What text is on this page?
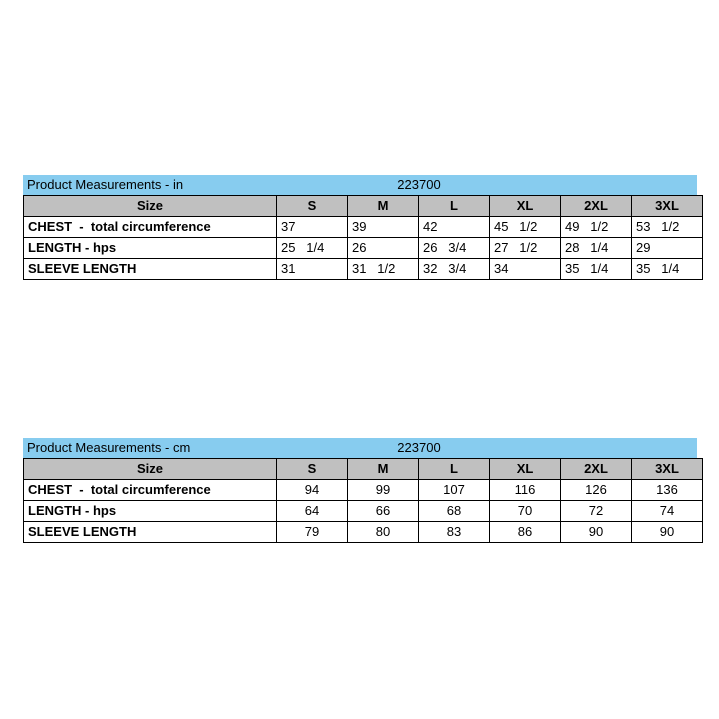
Product Measurements - in	223700
Size	S	M	L	XL	2XL	3XL
CHEST  -  total circumference	37	39	42	45   1/2	49   1/2	53   1/2
LENGTH - hps	25   1/4	26	26   3/4	27   1/2	28   1/4	29
SLEEVE LENGTH	31	31   1/2	32   3/4	34	35   1/4	35   1/4
Product Measurements - cm	223700
Size	S	M	L	XL	2XL	3XL
CHEST  -  total circumference	94	99	107	116	126	136
LENGTH - hps	64	66	68	70	72	74
SLEEVE LENGTH	79	80	83	86	90	90
